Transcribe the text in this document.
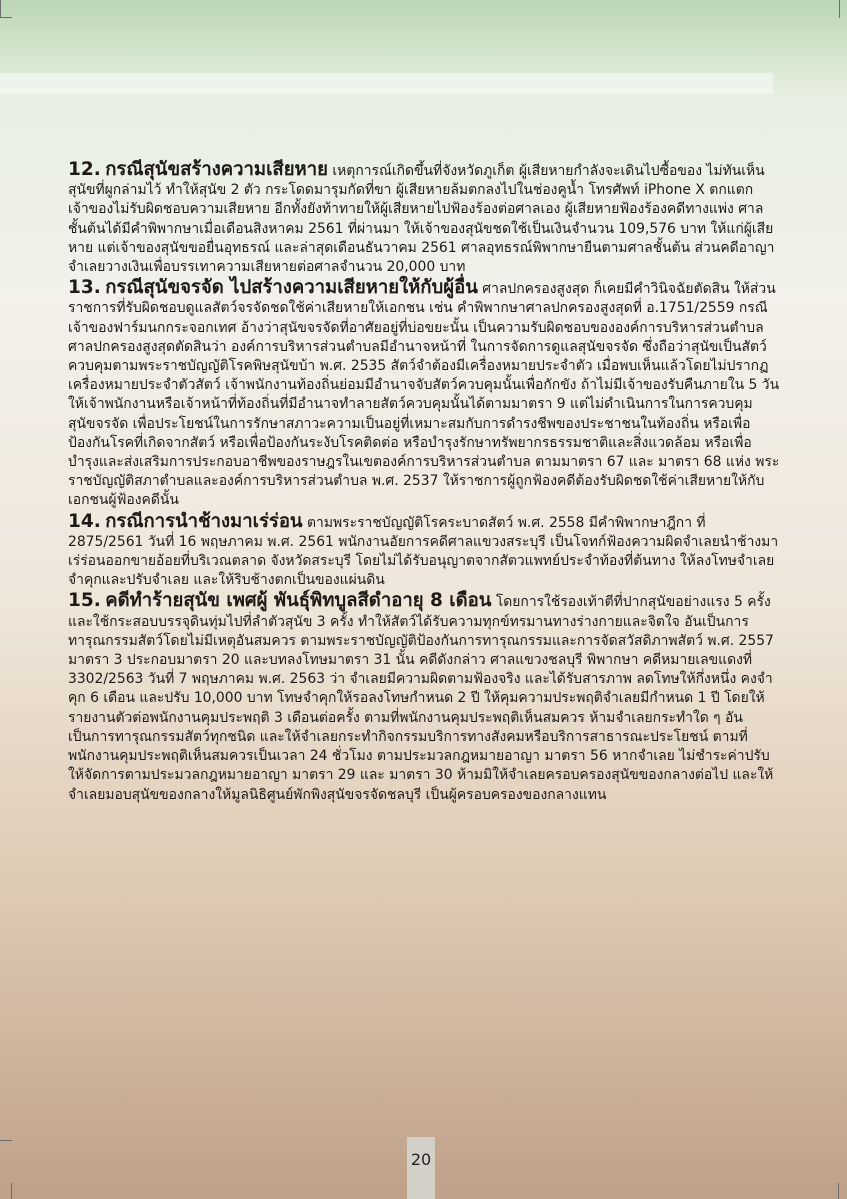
12. กรณีสุนัขสร้างความเสียหาย เหตุการณ์เกิดขึ้นที่จังหวัดภูเก็ต ผู้เสียหายกำลังจะเดินไปซื้อของ ไม่ทันเห็นสุนัขที่ผูกล่ามไว้ ทำให้สุนัข 2 ตัว กระโดดมารุมกัดที่ขา ผู้เสียหายล้มตกลงไปในช่องคูน้ำ โทรศัพท์ iPhone X ตกแตก เจ้าของไม่รับผิดชอบความเสียหาย อีกทั้งยังท้าทายให้ผู้เสียหายไปฟ้องร้องต่อศาลเอง ผู้เสียหายฟ้องร้องคดีทางแพ่ง ศาลชั้นต้นได้มีคำพิพากษาเมื่อเดือนสิงหาคม 2561 ที่ผ่านมา ให้เจ้าของสุนัขชดใช้เป็นเงินจำนวน 109,576 บาท ให้แก่ผู้เสียหาย แต่เจ้าของสุนัขขอยื่นอุทธรณ์ และล่าสุดเดือนธันวาคม 2561 ศาลอุทธรณ์พิพากษายืนตามศาลชั้นต้น ส่วนคดีอาญาจำเลยวางเงินเพื่อบรรเทาความเสียหายต่อศาลจำนวน 20,000 บาท

13. กรณีสุนัขจรจัด ไปสร้างความเสียหายให้กับผู้อื่น ศาลปกครองสูงสุด ก็เคยมีคำวินิจฉัยตัดสิน ให้ส่วนราชการที่รับผิดชอบดูแลสัตว์จรจัดชดใช้ค่าเสียหายให้เอกชน เช่น คำพิพากษาศาลปกครองสูงสุดที่ อ.1751/2559 กรณีเจ้าของฟาร์มนกกระจอกเทศ อ้างว่าสุนัขจรจัดที่อาศัยอยู่ที่บ่อขยะนั้น เป็นความรับผิดชอบขององค์การบริหารส่วนตำบล ศาลปกครองสูงสุดตัดสินว่า องค์การบริหารส่วนตำบลมีอำนาจหน้าที่ ในการจัดการดูแลสุนัขจรจัด ซึ่งถือว่าสุนัขเป็นสัตว์ควบคุมตามพระราชบัญญัติโรคพิษสุนัขบ้า พ.ศ. 2535 สัตว์จำต้องมีเครื่องหมายประจำตัว เมื่อพบเห็นแล้วโดยไม่ปรากฏเครื่องหมายประจำตัวสัตว์ เจ้าพนักงานท้องถิ่นย่อมมีอำนาจจับสัตว์ควบคุมนั้นเพื่อกักขัง ถ้าไม่มีเจ้าของรับคืนภายใน 5 วัน ให้เจ้าพนักงานหรือเจ้าหน้าที่ท้องถิ่นที่มีอำนาจทำลายสัตว์ควบคุมนั้นได้ตามมาตรา 9 แต่ไม่ดำเนินการในการควบคุมสุนัขจรจัด เพื่อประโยชน์ในการรักษาสภาวะความเป็นอยู่ที่เหมาะสมกับการดำรงชีพของประชาชนในท้องถิ่น หรือเพื่อป้องกันโรคที่เกิดจากสัตว์ หรือเพื่อป้องกันระงับโรคติดต่อ หรือบำรุงรักษาทรัพยากรธรรมชาติและสิ่งแวดล้อม หรือเพื่อบำรุงและส่งเสริมการประกอบอาชีพของราษฎรในเขตองค์การบริหารส่วนตำบล ตามมาตรา 67 และ มาตรา 68 แห่ง พระราชบัญญัติสภาตำบลและองค์การบริหารส่วนตำบล พ.ศ. 2537 ให้ราชการผู้ถูกฟ้องคดีต้องรับผิดชดใช้ค่าเสียหายให้กับเอกชนผู้ฟ้องคดีนั้น

14. กรณีการนำช้างมาเร่ร่อน ตามพระราชบัญญัติโรคระบาดสัตว์ พ.ศ. 2558 มีคำพิพากษาฎีกา ที่ 2875/2561 วันที่ 16 พฤษภาคม พ.ศ. 2561 พนักงานอัยการคดีศาลแขวงสระบุรี เป็นโจทก์ฟ้องความผิดจำเลยนำช้างมาเร่ร่อนออกขายอ้อยที่บริเวณตลาด จังหวัดสระบุรี โดยไม่ได้รับอนุญาตจากสัตวแพทย์ประจำท้องที่ต้นทาง ให้ลงโทษจำเลยจำคุกและปรับจำเลย และให้ริบช้างตกเป็นของแผ่นดิน

15. คดีทำร้ายสุนัข เพศผู้ พันธุ์พิทบูลสีดำอายุ 8 เดือน โดยการใช้รองเท้าตีที่ปากสุนัขอย่างแรง 5 ครั้ง และใช้กระสอบบรรจุดินทุ่มไปที่ลำตัวสุนัข 3 ครั้ง ทำให้สัตว์ได้รับความทุกข์ทรมานทางร่างกายและจิตใจ อันเป็นการทารุณกรรมสัตว์โดยไม่มีเหตุอันสมควร ตามพระราชบัญญัติป้องกันการทารุณกรรมและการจัดสวัสดิภาพสัตว์ พ.ศ. 2557 มาตรา 3 ประกอบมาตรา 20 และบทลงโทษมาตรา 31 นั้น คดีดังกล่าว ศาลแขวงชลบุรี พิพากษา คดีหมายเลขแดงที่ 3302/2563 วันที่ 7 พฤษภาคม พ.ศ. 2563 ว่า จำเลยมีความผิดตามฟ้องจริง และได้รับสารภาพ ลดโทษให้กึ่งหนึ่ง คงจำคุก 6 เดือน และปรับ 10,000 บาท โทษจำคุกให้รอลงโทษกำหนด 2 ปี ให้คุมความประพฤติจำเลยมีกำหนด 1 ปี โดยให้รายงานตัวต่อพนักงานคุมประพฤติ 3 เดือนต่อครั้ง ตามที่พนักงานคุมประพฤติเห็นสมควร ห้ามจำเลยกระทำใด ๆ อันเป็นการทารุณกรรมสัตว์ทุกชนิด และให้จำเลยกระทำกิจกรรมบริการทางสังคมหรือบริการสาธารณะประโยชน์ ตามที่พนักงานคุมประพฤติเห็นสมควรเป็นเวลา 24 ชั่วโมง ตามประมวลกฎหมายอาญา มาตรา 56 หากจำเลย ไม่ชำระค่าปรับ ให้จัดการตามประมวลกฎหมายอาญา มาตรา 29 และ มาตรา 30 ห้ามมิให้จำเลยครอบครองสุนัขของกลางต่อไป และให้จำเลยมอบสุนัขของกลางให้มูลนิธิศูนย์พักพิงสุนัขจรจัดชลบุรี เป็นผู้ครอบครองของกลางแทน

20
